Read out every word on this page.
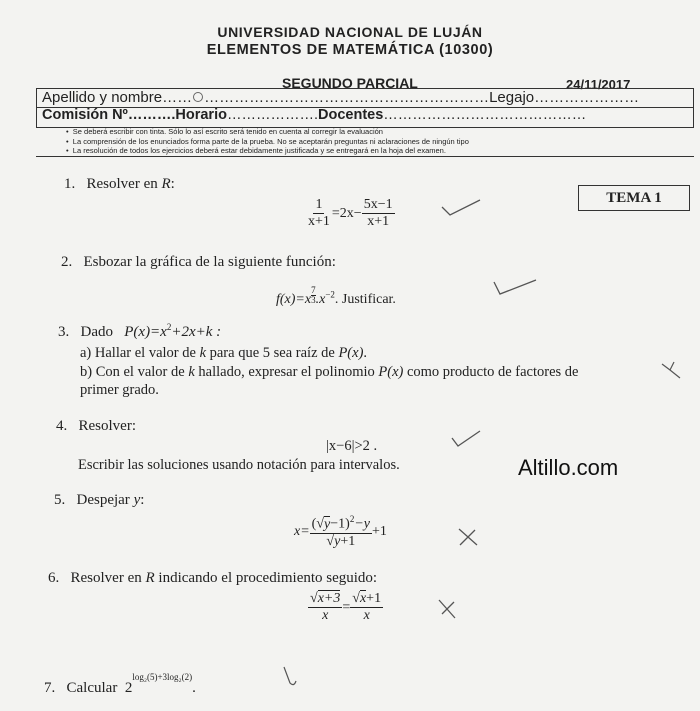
UNIVERSIDAD NACIONAL DE LUJÁN
ELEMENTOS DE MATEMÁTICA (10300)
SEGUNDO PARCIAL	24/11/2017
Apellido y nombre…… …………………………………………………Legajo…………………
Comisión Nº……….Horario……………….Docentes……………………………………
•  Se deberá escribir con tinta. Sólo lo así escrito será tenido en cuenta al corregir la evaluación
•  La comprensión de los enunciados forma parte de la prueba. No se aceptarán preguntas ni aclaraciones de ningún tipo
•  La resolución de todos los ejercicios deberá estar debidamente justificada y se entregará en la hoja del examen.
TEMA 1
1. Resolver en R:
$\frac{1}{x+1} =2x- \frac{5x-1}{x+1}$
2. Esbozar la gráfica de la siguiente función:
$f(x)=x \frac{7}{3} .x^{-2}$. Justificar.
3. Dado $P(x)=x^2+2x+k$ :
a) Hallar el valor de k para que 5 sea raíz de P(x).
b) Con el valor de k hallado, expresar el polinomio P(x) como producto de factores de
primer grado.
4. Resolver:
|x−6|>2 .
Escribir las soluciones usando notación para intervalos.	Altillo.com
5. Despejar y:
$x= \frac{(√y-1)^2-y}{√y+1} +1$
6. Resolver en R indicando el procedimiento seguido:
$\frac{√x+3}{x} = \frac{√x+1}{x}$
7. Calcular $2^{log_2(5)+3log_2(2)}$.
